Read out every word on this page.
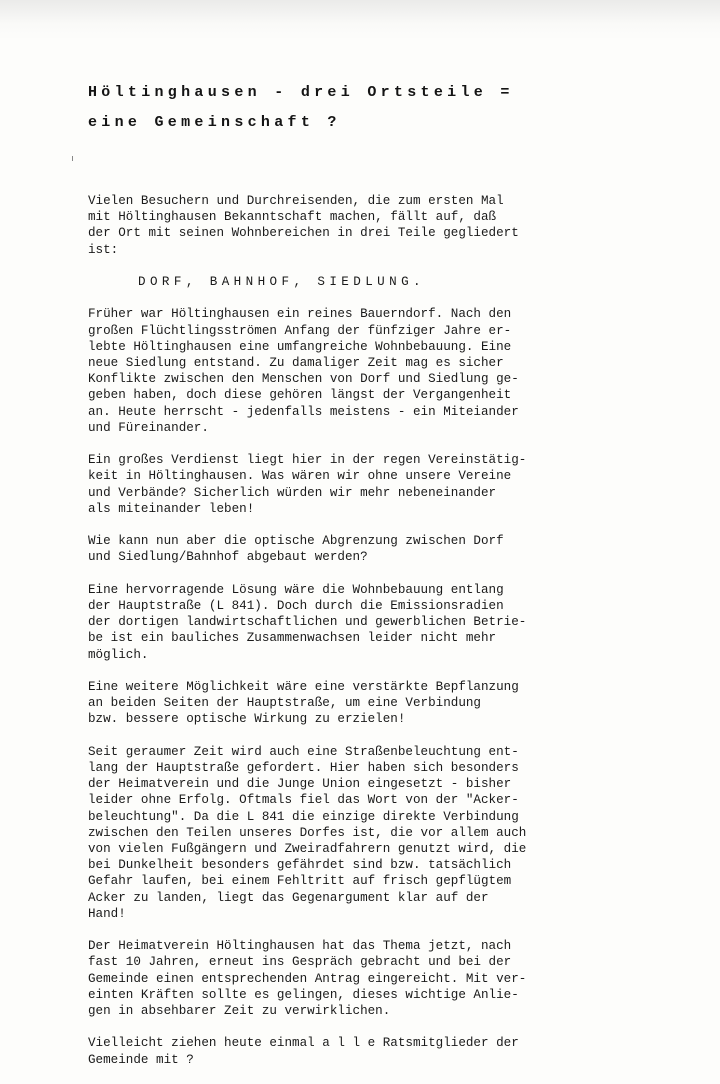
Höltinghausen - drei Ortsteile =
eine Gemeinschaft ?
Vielen Besuchern und Durchreisenden, die zum ersten Mal
mit Höltinghausen Bekanntschaft machen, fällt auf, daß
der Ort mit seinen Wohnbereichen in drei Teile gegliedert
ist:
DORF, BAHNHOF, SIEDLUNG.
Früher war Höltinghausen ein reines Bauerndorf. Nach den
großen Flüchtlingsströmen Anfang der fünfziger Jahre er-
lebte Höltinghausen eine umfangreiche Wohnbebauung. Eine
neue Siedlung entstand. Zu damaliger Zeit mag es sicher
Konflikte zwischen den Menschen von Dorf und Siedlung ge-
geben haben, doch diese gehören längst der Vergangenheit
an. Heute herrscht - jedenfalls meistens - ein Miteiander
und Füreinander.
Ein großes Verdienst liegt hier in der regen Vereinstätig-
keit in Höltinghausen. Was wären wir ohne unsere Vereine
und Verbände? Sicherlich würden wir mehr nebeneinander
als miteinander leben!
Wie kann nun aber die optische Abgrenzung zwischen Dorf
und Siedlung/Bahnhof abgebaut werden?
Eine hervorragende Lösung wäre die Wohnbebauung entlang
der Hauptstraße (L 841). Doch durch die Emissionsradien
der dortigen landwirtschaftlichen und gewerblichen Betrie-
be ist ein bauliches Zusammenwachsen leider nicht mehr
möglich.
Eine weitere Möglichkeit wäre eine verstärkte Bepflanzung
an beiden Seiten der Hauptstraße, um eine Verbindung
bzw. bessere optische Wirkung zu erzielen!
Seit geraumer Zeit wird auch eine Straßenbeleuchtung ent-
lang der Hauptstraße gefordert. Hier haben sich besonders
der Heimatverein und die Junge Union eingesetzt - bisher
leider ohne Erfolg. Oftmals fiel das Wort von der "Acker-
beleuchtung". Da die L 841 die einzige direkte Verbindung
zwischen den Teilen unseres Dorfes ist, die vor allem auch
von vielen Fußgängern und Zweiradfahrern genutzt wird, die
bei Dunkelheit besonders gefährdet sind bzw. tatsächlich
Gefahr laufen, bei einem Fehltritt auf frisch gepflügtem
Acker zu landen, liegt das Gegenargument klar auf der
Hand!
Der Heimatverein Höltinghausen hat das Thema jetzt, nach
fast 10 Jahren, erneut ins Gespräch gebracht und bei der
Gemeinde einen entsprechenden Antrag eingereicht. Mit ver-
einten Kräften sollte es gelingen, dieses wichtige Anlie-
gen in absehbarer Zeit zu verwirklichen.
Vielleicht ziehen heute einmal a l l e Ratsmitglieder der
Gemeinde mit ?
